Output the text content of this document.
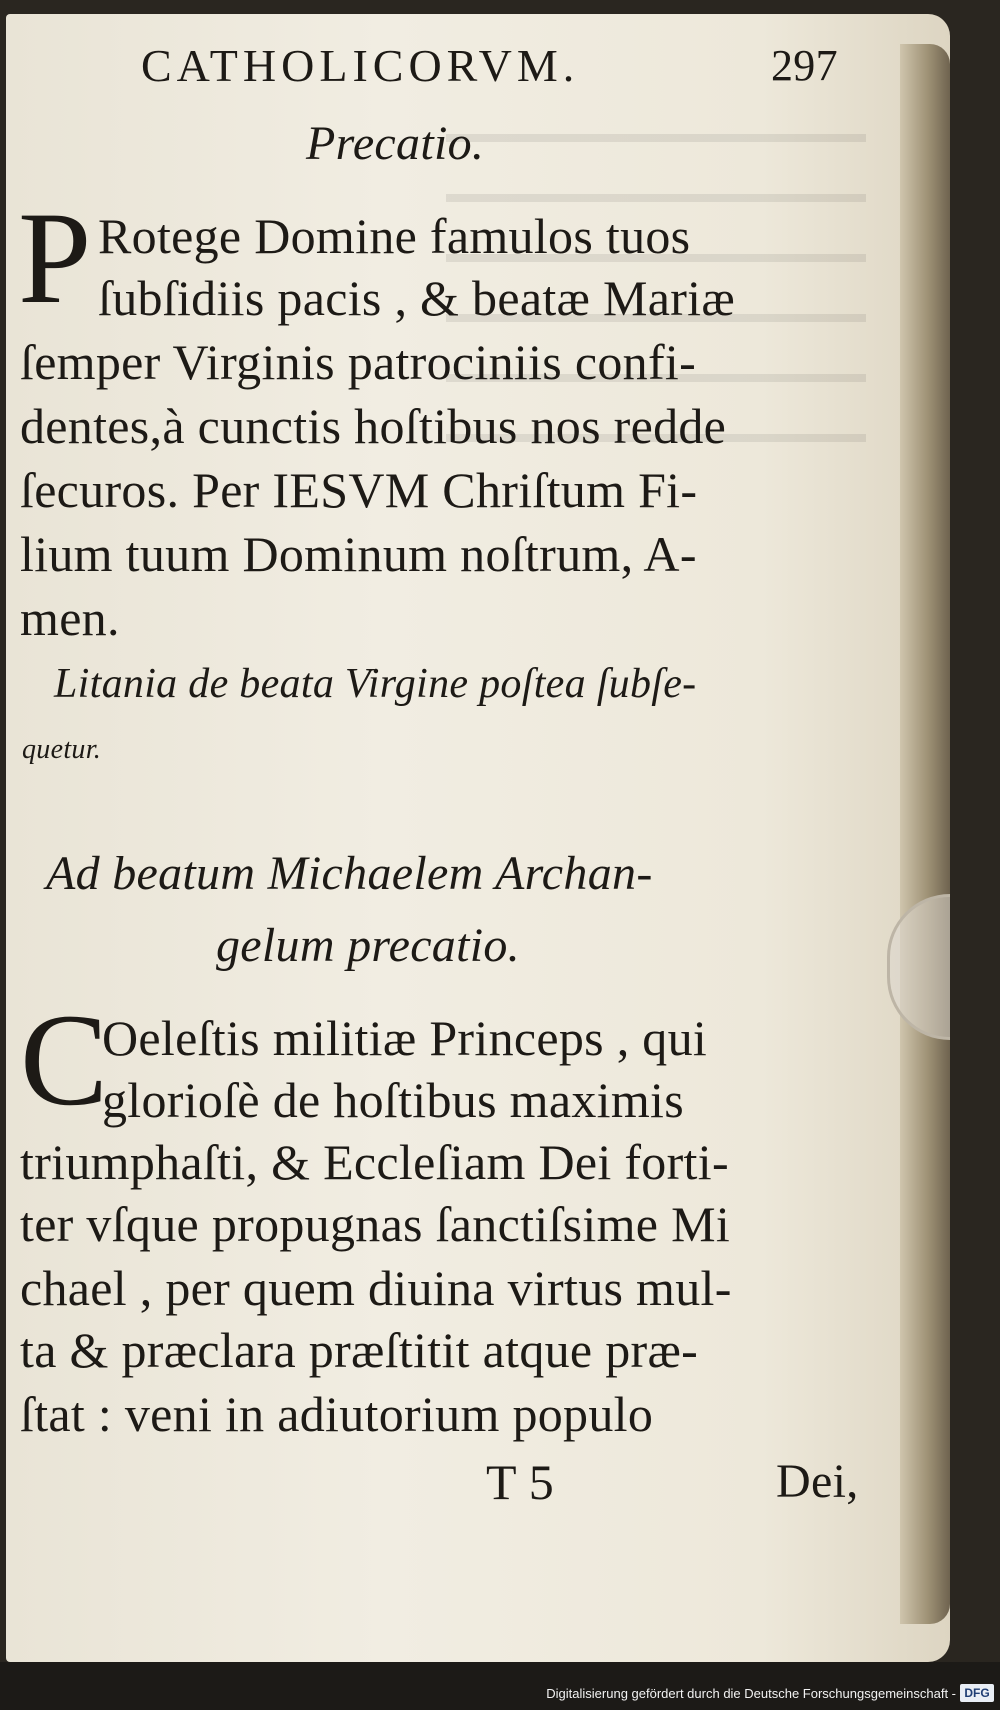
CATHOLICORVM.	297
Precatio.
P Rotege Domine famulos tuos
ſubſidiis pacis , & beatæ Mariæ
ſemper Virginis patrociniis confi-
dentes,à cunctis hoſtibus nos redde
ſecuros. Per IESVM Chriſtum Fi-
lium tuum Dominum noſtrum, A-
men.
Litania de beata Virgine poſtea ſubſe-
quetur.
Ad beatum Michaelem Archan-
gelum precatio.
C
Oeleſtis militiæ Princeps , qui
glorioſè de hoſtibus maximis
triumphaſti, & Eccleſiam Dei forti-
ter vſque propugnas ſanctiſsime Mi
chael , per quem diuina virtus mul-
ta & præclara præſtitit atque præ-
ſtat : veni in adiutorium populo
T 5	Dei,
Digitalisierung gefördert durch die Deutsche Forschungsgemeinschaft - DFG
